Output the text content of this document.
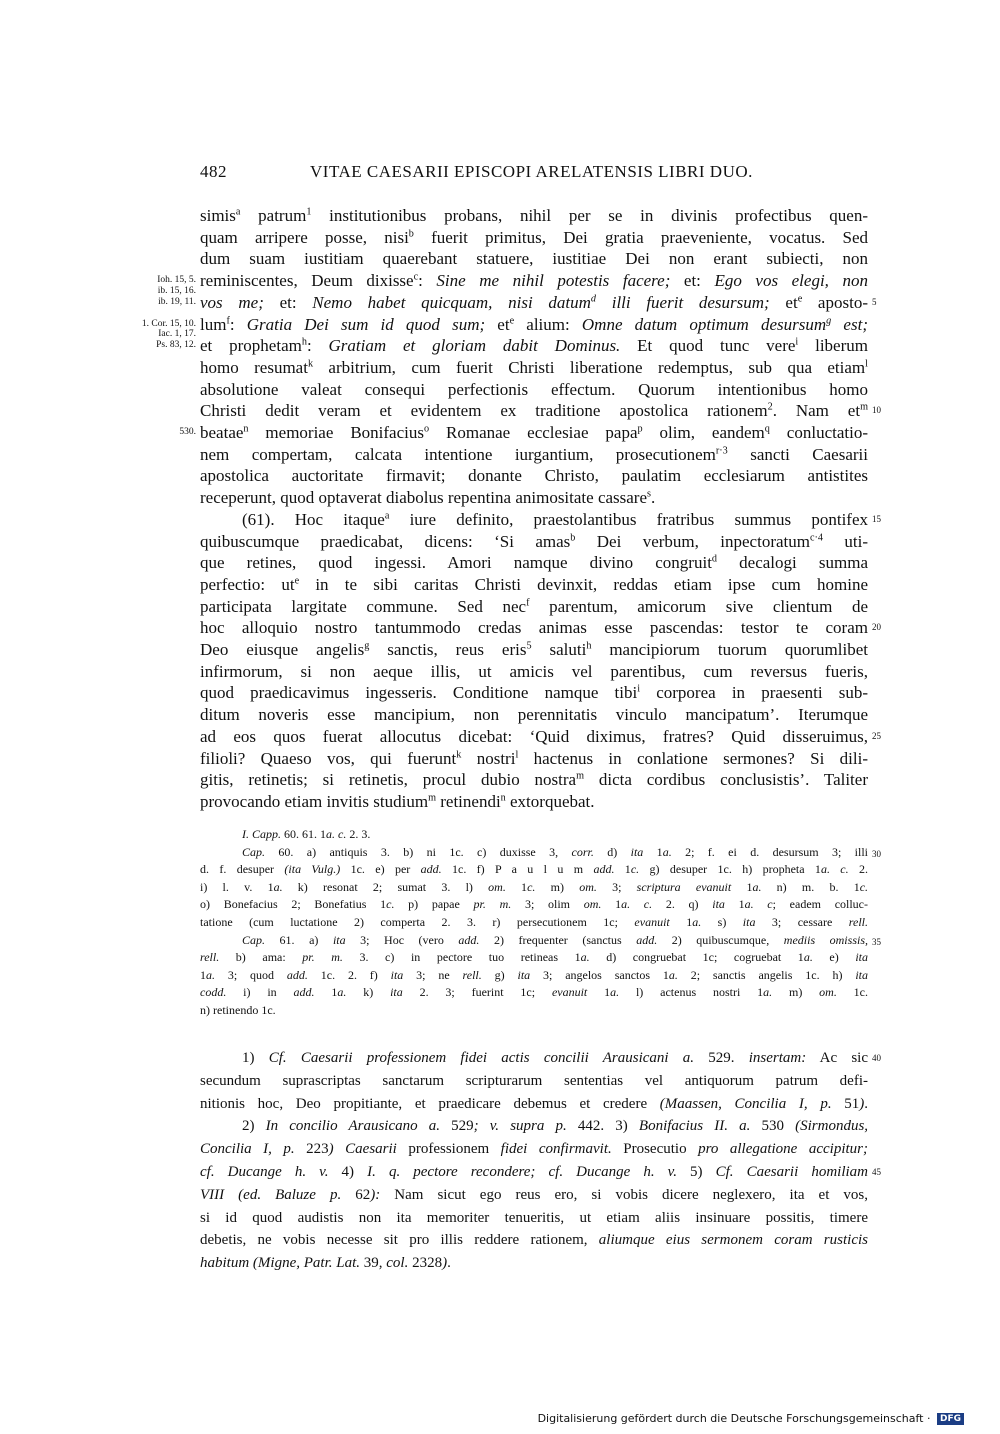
482	VITAE CAESARII EPISCOPI ARELATENSIS LIBRI DUO.
simis$^a$ patrum$^1$ institutionibus probans, nihil per se in divinis profectibus quen-
quam arripere posse, nisi$^b$ fuerit primitus, Dei gratia praeveniente, vocatus. Sed
dum suam iustitiam quaerebant statuere, iustitiae Dei non erant subiecti, non
reminiscentes, Deum dixisse$^c$: Sine me nihil potestis facere; et: Ego vos elegi, non
vos me; et: Nemo habet quicquam, nisi datum$^d$ illi fuerit desursum; $et^e$ aposto-
lum$^f$: Gratia Dei sum id quod sum; $et^e$ alium: Omne datum optimum desursum$^g$ est;
et prophetam$^h$: Gratiam et gloriam dabit Dominus. Et quod tunc vere$^i$ liberum
homo resumat$^k$ arbitrium, cum fuerit Christi liberatione redemptus, sub qua etiam$^l$
absolutione valeat consequi perfectionis effectum. Quorum intentionibus homo
Christi dedit veram et evidentem ex traditione apostolica rationem$^2$. Nam $et^m$
beatae$^n$ memoriae Bonifacius$^o$ Romanae ecclesiae papa$^p$ olim, eandem$^q$ conluctatio-
nem compertam, calcata intentione iurgantium, prosecutionem$^{r\cdot 3}$ sancti Caesarii
apostolica auctoritate firmavit; donante Christo, paulatim ecclesiarum antistites
receperunt, quod optaverat diabolus repentina animositate cassare$^s$.
(61). Hoc itaque$^a$ iure definito, praestolantibus fratribus summus pontifex
quibuscumque praedicabat, dicens: ‘Si amas$^b$ Dei verbum, inpectoratum$^{c\cdot 4}$ uti-
que retines, quod ingessi. Amori namque divino congruit$^d$ decalogi summa
perfectio: $ut^e$ in te sibi caritas Christi devinxit, reddas etiam ipse cum homine
participata largitate commune. Sed nec$^f$ parentum, amicorum sive clientum de
hoc alloquio nostro tantummodo credas animas esse pascendas: testor te coram
Deo eiusque angelis$^g$ sanctis, reus eris$^5$ saluti$^h$ mancipiorum tuorum quorumlibet
infirmorum, si non aeque illis, ut amicis vel parentibus, cum reversus fueris,
quod praedicavimus ingesseris. Conditione namque tibi$^i$ corporea in praesenti sub-
ditum noveris esse mancipium, non perennitatis vinculo mancipatum’. Iterumque
ad eos quos fuerat allocutus dicebat: ‘Quid diximus, fratres? Quid disseruimus,
filioli? Quaeso vos, qui fuerunt$^k$ nostri$^l$ hactenus in conlatione sermones? Si dili-
gitis, retinetis; si retinetis, procul dubio nostra$^m$ dicta cordibus conclusistis’. Taliter
provocando etiam invitis studium$^m$ retinendi$^n$ extorquebat.
Ioh. 15, 5.
ib. 15, 16.
ib. 19, 11.
1. Cor. 15, 10.
Iac. 1, 17.
Ps. 83, 12.
530.
5
10
15
20
25
30
35
40
45
I. Capp. 60. 61. 1a. c. 2. 3.
Cap. 60. a) antiquis 3. b) ni 1c. c) duxisse 3, corr. d) ita 1a. 2; f. ei d. desursum 3; illi
d. f. desuper (ita Vulg.) 1c. e) per add. 1c. f) P a u l u m add. 1c. g) desuper 1c. h) propheta 1a. c. 2.
i) l. v. 1a. k) resonat 2; sumat 3. l) om. 1c. m) om. 3; scriptura evanuit 1a. n) m. b. 1c.
o) Bonefacius 2; Bonefatius 1c. p) papae pr. m. 3; olim om. 1a. c. 2. q) ita 1a. c; eadem colluc-
tatione (cum luctatione 2) comperta 2. 3. r) persecutionem 1c; evanuit 1a. s) ita 3; cessare rell.
Cap. 61. a) ita 3; Hoc (vero add. 2) frequenter (sanctus add. 2) quibuscumque, mediis omissis,
rell. b) ama: pr. m. 3. c) in pectore tuo retineas 1a. d) congruebat 1c; cogruebat 1a. e) ita
1a. 3; quod add. 1c. 2. f) ita 3; ne rell. g) ita 3; angelos sanctos 1a. 2; sanctis angelis 1c. h) ita
codd. i) in add. 1a. k) ita 2. 3; fuerint 1c; evanuit 1a. l) actenus nostri 1a. m) om. 1c.
n) retinendo 1c.
1) Cf. Caesarii professionem fidei actis concilii Arausicani a. 529. insertam: Ac sic
secundum suprascriptas sanctarum scripturarum sententias vel antiquorum patrum defi-
nitionis hoc, Deo propitiante, et praedicare debemus et credere (Maassen, Concilia I, p. 51).
2) In concilio Arausicano a. 529; v. supra p. 442. 3) Bonifacius II. a. 530 (Sirmondus,
Concilia I, p. 223) Caesarii professionem fidei confirmavit. Prosecutio pro allegatione accipitur;
cf. Ducange h. v. 4) I. q. pectore recondere; cf. Ducange h. v. 5) Cf. Caesarii homiliam
VIII (ed. Baluze p. 62): Nam sicut ego reus ero, si vobis dicere neglexero, ita et vos,
si id quod audistis non ita memoriter tenueritis, ut etiam aliis insinuare possitis, timere
debetis, ne vobis necesse sit pro illis reddere rationem, aliumque eius sermonem coram rusticis
habitum (Migne, Patr. Lat. 39, col. 2328).
Digitalisierung gefördert durch die Deutsche Forschungsgemeinschaft · DFG
